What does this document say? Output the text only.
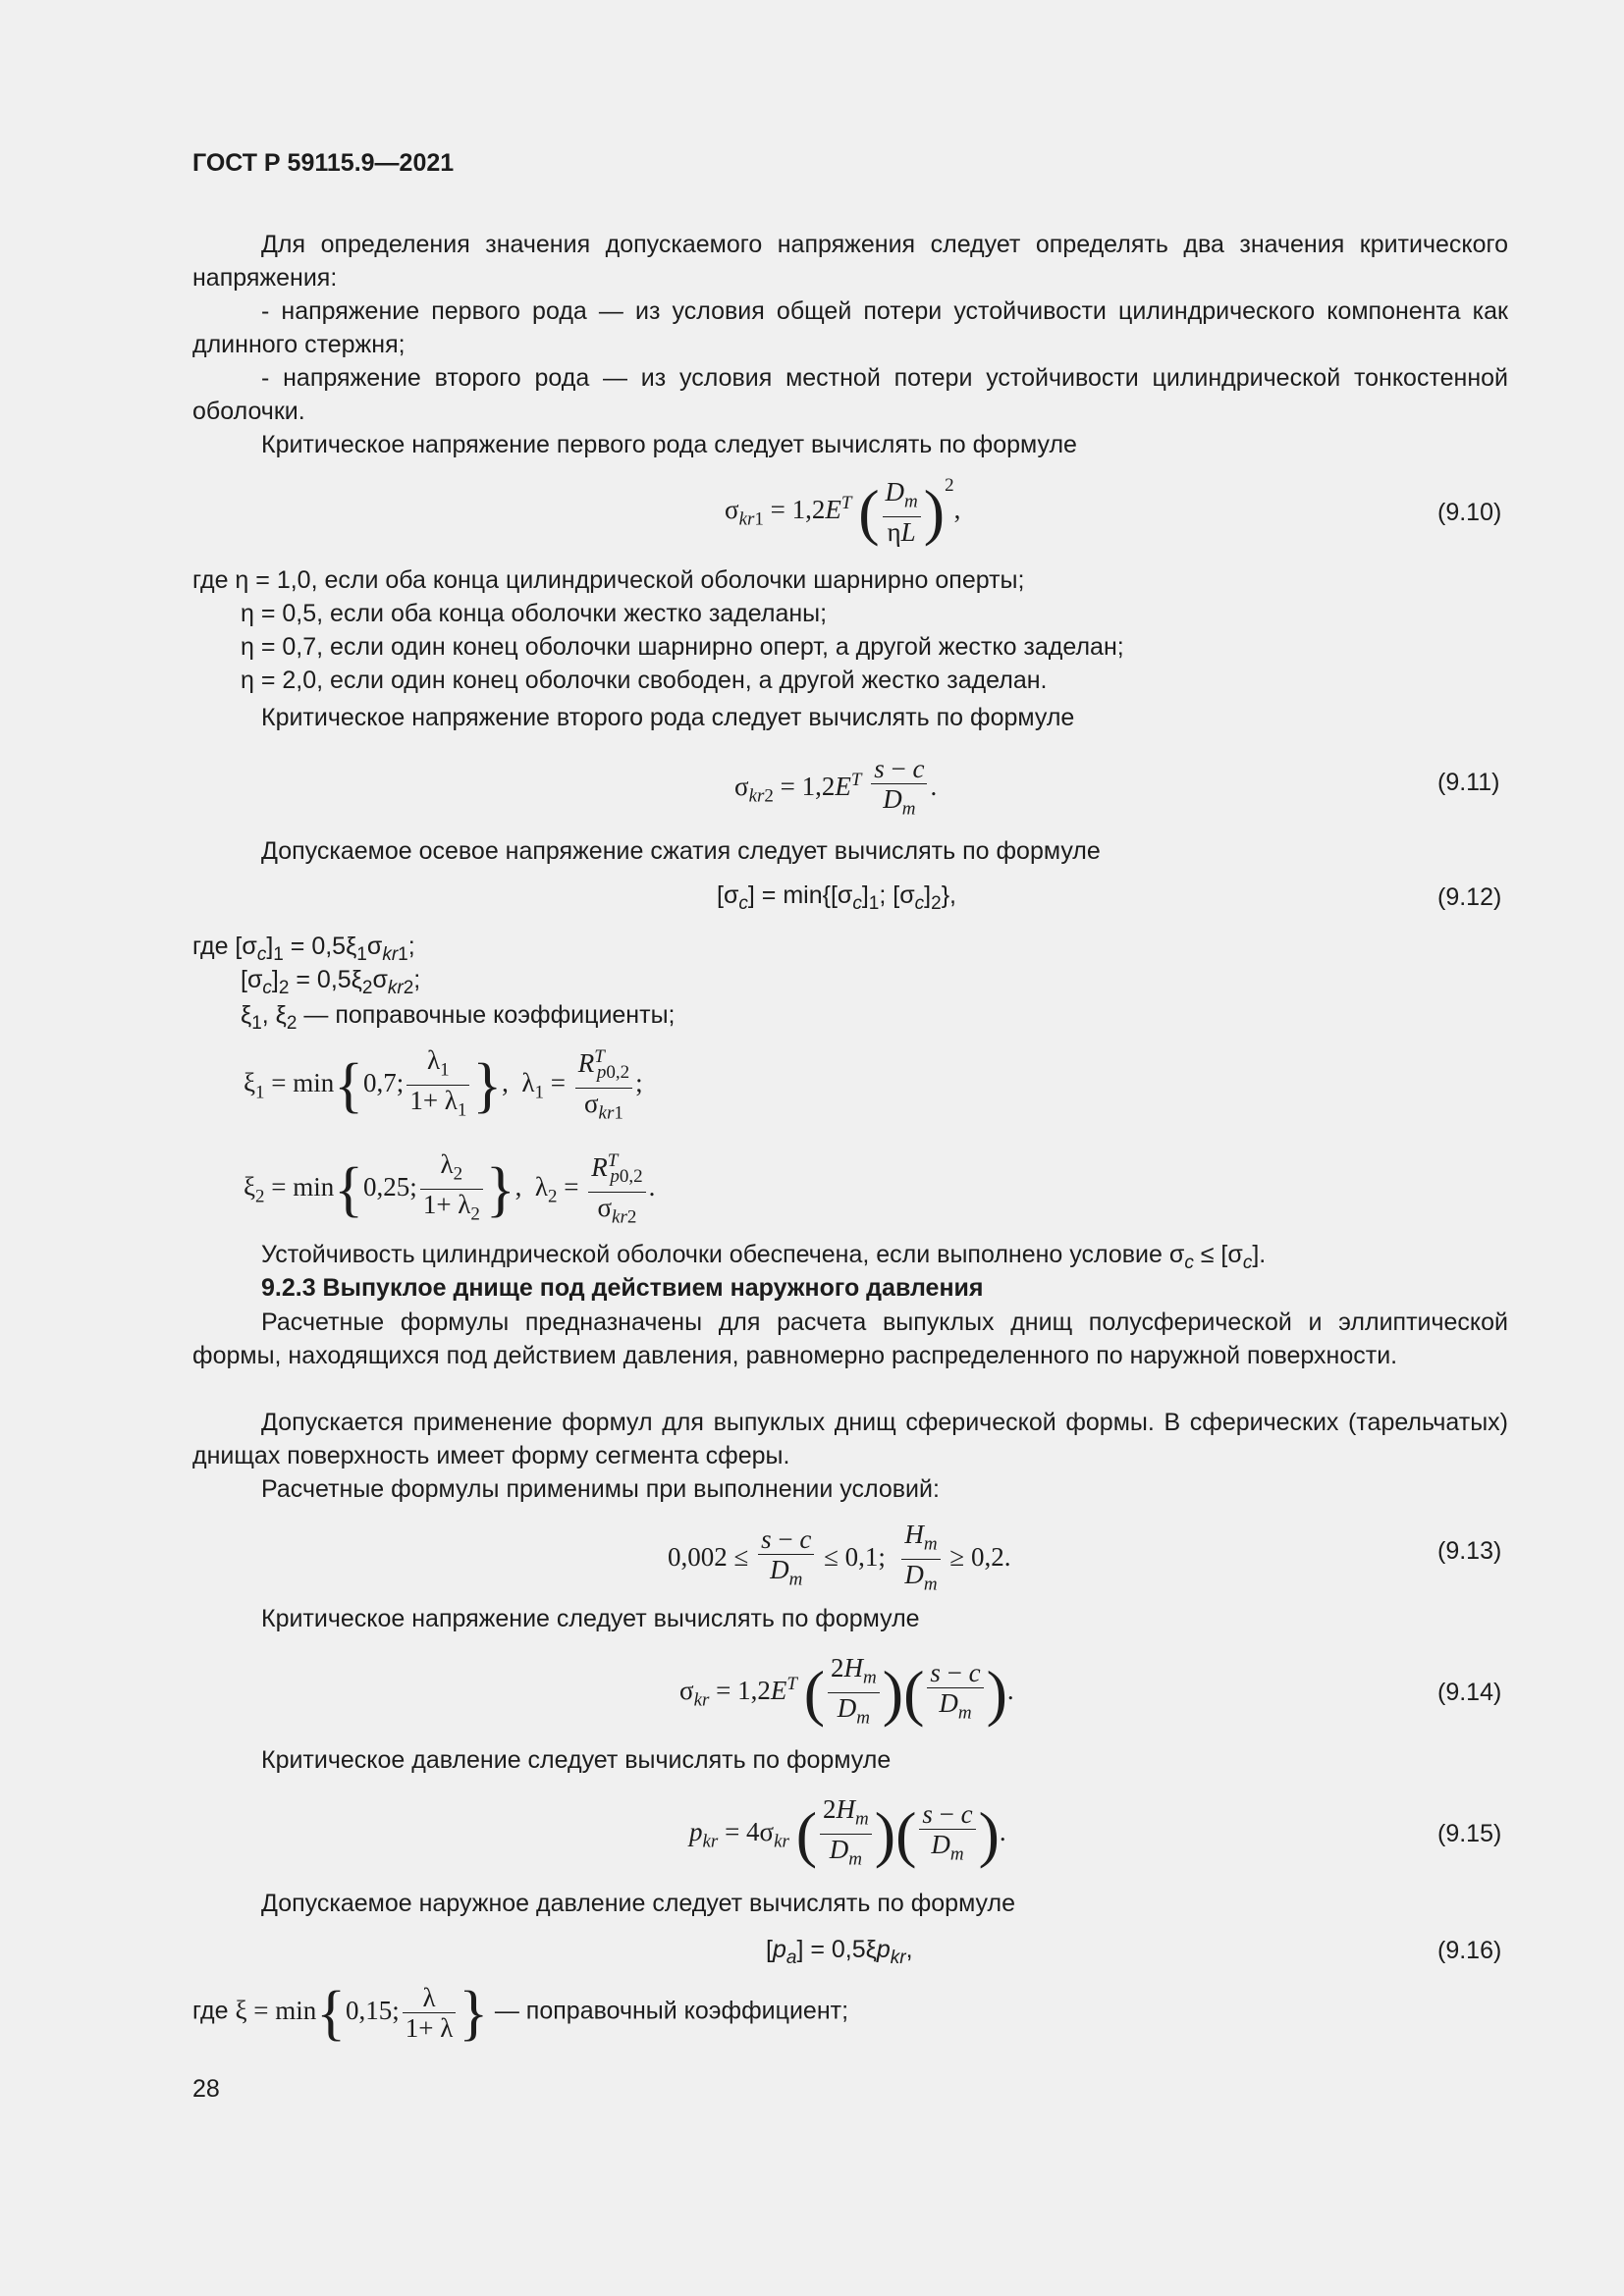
ГОСТ Р 59115.9—2021
Для определения значения допускаемого напряжения следует определять два значения критического напряжения:
- напряжение первого рода — из условия общей потери устойчивости цилиндрического компонента как длинного стержня;
- напряжение второго рода — из условия местной потери устойчивости цилиндрической тонкостенной оболочки.
Критическое напряжение первого рода следует вычислять по формуле
$\sigma_{kr1} = 1,2E^T$ ( $\frac{D_m}{\eta L} )^2$,	(9.10)
где η = 1,0, если оба конца цилиндрической оболочки шарнирно оперты;
η = 0,5, если оба конца оболочки жестко заделаны;
η = 0,7, если один конец оболочки шарнирно оперт, а другой жестко заделан;
η = 2,0, если один конец оболочки свободен, а другой жестко заделан.
Критическое напряжение второго рода следует вычислять по формуле
$\sigma_{kr2} = 1,2E^T \frac{s - c}{D_m}$ .	(9.11)
Допускаемое осевое напряжение сжатия следует вычислять по формуле
$[\sigma_c] = \min\{[\sigma_c]_1$; $[\sigma_c]_2$},	(9.12)
где $[\sigma_c]_1 = 0,5\xi_1\sigma_{kr1}$;
$[\sigma_c]_2 = 0,5\xi_2\sigma_{kr2}$;
$\xi_1$, $\xi_2$ — поправочные коэффициенты;
$\xi_1 = \min\{0,7$; $\frac{\lambda_1}{1+ \lambda_1}$ },  $\lambda_1 = \frac{R^T_{p0,2}}{\sigma_{kr1}}$ ;
$\xi_2 = \min\{0,25$; $\frac{\lambda_2}{1+ \lambda_2}$ },  $\lambda_2 = \frac{R^T_{p0,2}}{\sigma_{kr2}}$ .
Устойчивость цилиндрической оболочки обеспечена, если выполнено условие $\sigma_c \le [\sigma_c]$.
9.2.3 Выпуклое днище под действием наружного давления
Расчетные формулы предназначены для расчета выпуклых днищ полусферической и эллиптической формы, находящихся под действием давления, равномерно распределенного по наружной поверхности.
Допускается применение формул для выпуклых днищ сферической формы. В сферических (тарельчатых) днищах поверхность имеет форму сегмента сферы.
Расчетные формулы применимы при выполнении условий:
$0,002 \le \frac{s - c}{D_m} \le 0,1$; $\frac{H_m}{D_m} \ge 0,2$.	(9.13)
Критическое напряжение следует вычислять по формуле
$\sigma_{kr} = 1,2E^T$ ( $\frac{2H_m}{D_m}$ )( $\frac{s - c}{D_m}$ ).	(9.14)
Критическое давление следует вычислять по формуле
$p_{kr} = 4\sigma_{kr}$ ( $\frac{2H_m}{D_m}$ )( $\frac{s - c}{D_m}$ ).	(9.15)
Допускаемое наружное давление следует вычислять по формуле
$[p_a] = 0,5\xi p_{kr}$,	(9.16)
где ξ = min{0,15; $\frac{\lambda}{1+ \lambda}$ } — поправочный коэффициент;
28
